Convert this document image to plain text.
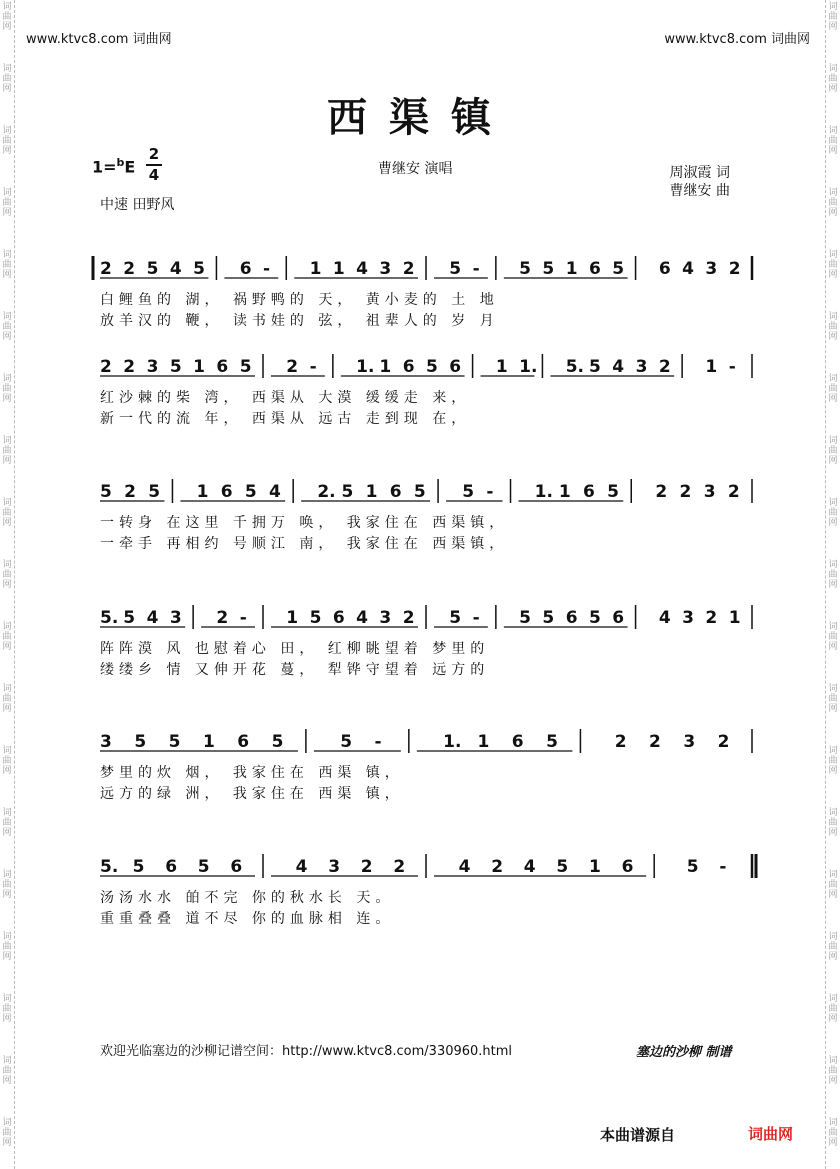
词
曲
网
词
曲
网
词
曲
网
词
曲
网
词
曲
网
词
曲
网
词
曲
网
词
曲
网
词
曲
网
词
曲
网
词
曲
网
词
曲
网
词
曲
网
词
曲
网
词
曲
网
词
曲
网
词
曲
网
词
曲
网
词
曲
网
词
曲
网
词
曲
网
词
曲
网
词
曲
网
词
曲
网
词
曲
网
词
曲
网
词
曲
网
词
曲
网
词
曲
网
词
曲
网
词
曲
网
词
曲
网
词
曲
网
词
曲
网
词
曲
网
词
曲
网
词
曲
网
词
曲
网
www.ktvc8.com 词曲网	www.ktvc8.com 词曲网
西渠镇
1=$^b$E
2
4	曹继安 演唱	周淑霞 词
曹继安 曲
中速 田野风
2 2 5 4 5 6 - 1 1 4 3 2 5 - 5 5 1 6 5 6 4 3 2
白鲤鱼的 湖， 祸野鸭的 天， 黄小麦的 土 地
放羊汉的 鞭， 读书娃的 弦， 祖辈人的 岁 月
2 2 3 5 1 6 5 2 - 1. 1 6 5 6 1 1. 5. 5 4 3 2 1 -
红沙棘的柴 湾， 西渠从 大漠 缓缓走 来，
新一代的流 年， 西渠从 远古 走到现 在，
5 2 5 1 6 5 4 2. 5 1 6 5 5 - 1. 1 6 5 2 2 3 2
一转身 在这里 千拥万 唤， 我家住在 西渠镇，
一牵手 再相约 号顺江 南， 我家住在 西渠镇，
5. 5 4 3 2 - 1 5 6 4 3 2 5 - 5 5 6 5 6 4 3 2 1
阵阵漠 风 也慰着心 田， 红柳眺望着 梦里的
缕缕乡 情 又伸开花 蔓， 犁铧守望着 远方的
3 5 5 1 6 5	5 -	1. 1 6 5	2 2 3 2
梦里的炊 烟， 我家住在 西渠 镇，
远方的绿 洲， 我家住在 西渠 镇，
5. 5 6 5 6	4 3 2 2	4 2 4 5 1 6	5 -
汤汤水水 㿟不完 你的秋水长 天。
重重叠叠 道不尽 你的血脉相 连。
欢迎光临塞边的沙柳记谱空间：http://www.ktvc8.com/330960.html	塞边的沙柳 制谱
本曲谱源自	词曲网
